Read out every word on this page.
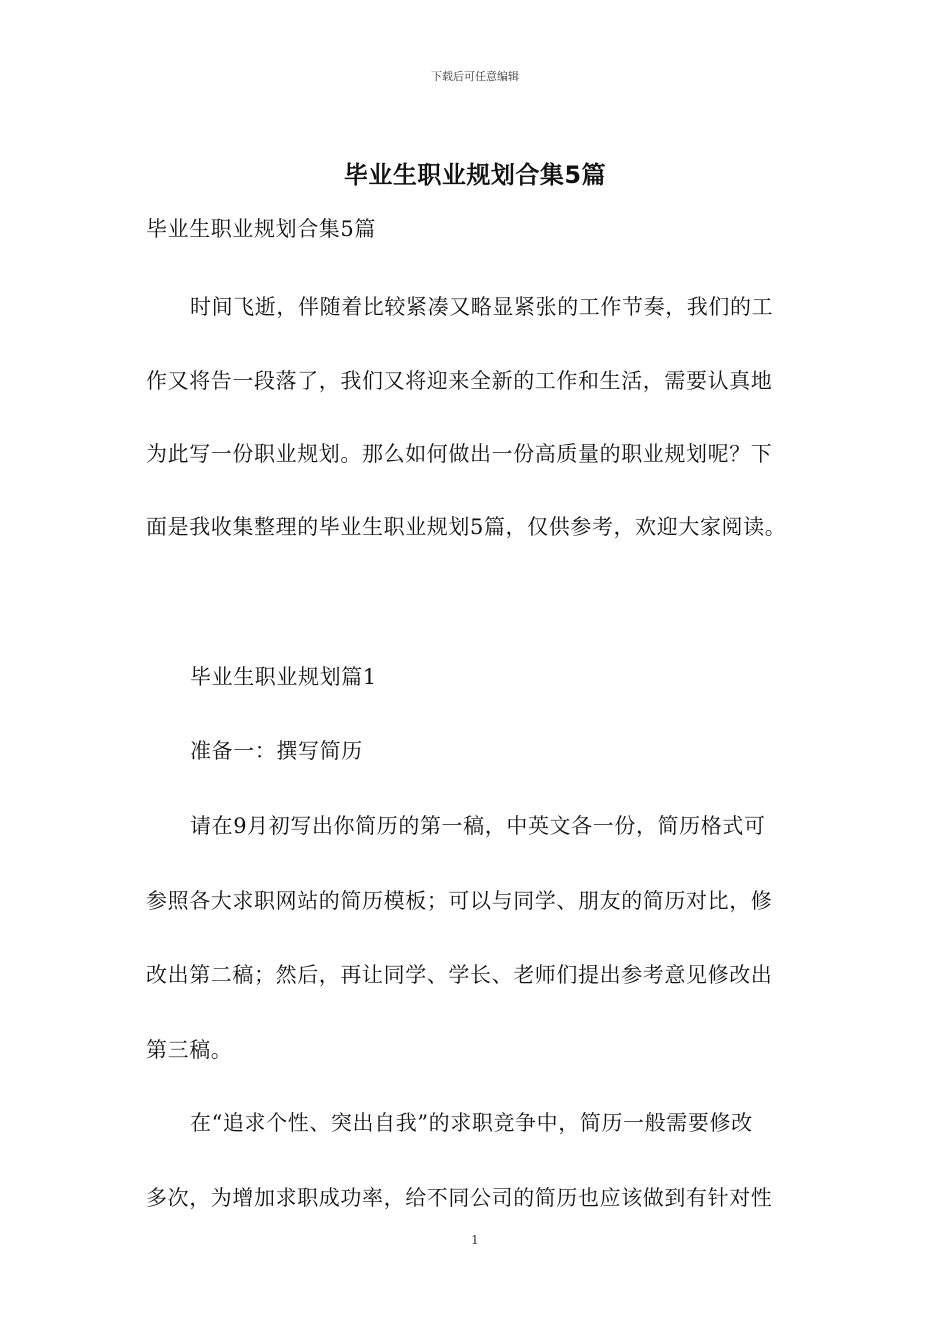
下载后可任意编辑
毕业生职业规划合集5篇
毕业生职业规划合集5篇
时间飞逝，伴随着比较紧凑又略显紧张的工作节奏，我们的工
作又将告一段落了，我们又将迎来全新的工作和生活，需要认真地
为此写一份职业规划。那么如何做出一份高质量的职业规划呢？下
面是我收集整理的毕业生职业规划5篇，仅供参考，欢迎大家阅读。
毕业生职业规划篇1
准备一：撰写简历
请在9月初写出你简历的第一稿，中英文各一份，简历格式可
参照各大求职网站的简历模板；可以与同学、朋友的简历对比，修
改出第二稿；然后，再让同学、学长、老师们提出参考意见修改出
第三稿。
在“追求个性、突出自我”的求职竞争中，简历一般需要修改
多次，为增加求职成功率，给不同公司的简历也应该做到有针对性
1
